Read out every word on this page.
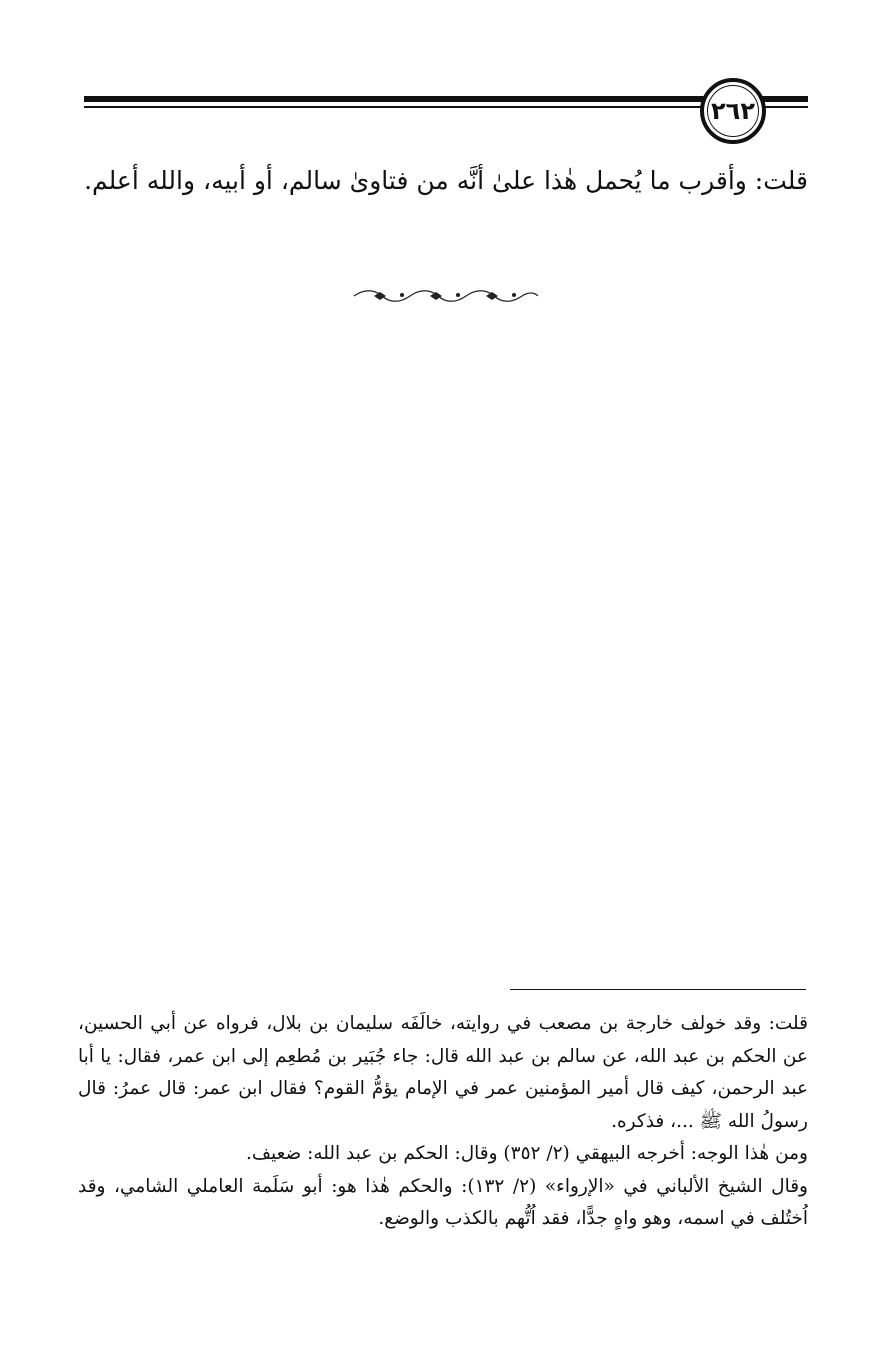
٢٦٢

قلت: وأقرب ما يُحمل هٰذا علىٰ أنَّه من فتاوىٰ سالم، أو أبيه، والله أعلم.

قلت: وقد خولف خارجة بن مصعب في روايته، خالَفَه سليمان بن بلال، فرواه عن أبي الحسين، عن الحكم بن عبد الله، عن سالم بن عبد الله قال: جاء جُبَير بن مُطعِم إلى ابن عمر، فقال: يا أبا عبد الرحمن، كيف قال أمير المؤمنين عمر في الإمام يؤمُّ القوم؟ فقال ابن عمر: قال عمرُ: قال رسولُ الله ﷺ ...، فذكره.

ومن هٰذا الوجه: أخرجه البيهقي (٢/ ٣٥٢) وقال: الحكم بن عبد الله: ضعيف.

وقال الشيخ الألباني في «الإرواء» (٢/ ١٣٢): والحكم هٰذا هو: أبو سَلَمة العاملي الشامي، وقد اُختُلف في اسمه، وهو واهٍ جدًّا، فقد اُتُّهم بالكذب والوضع.
